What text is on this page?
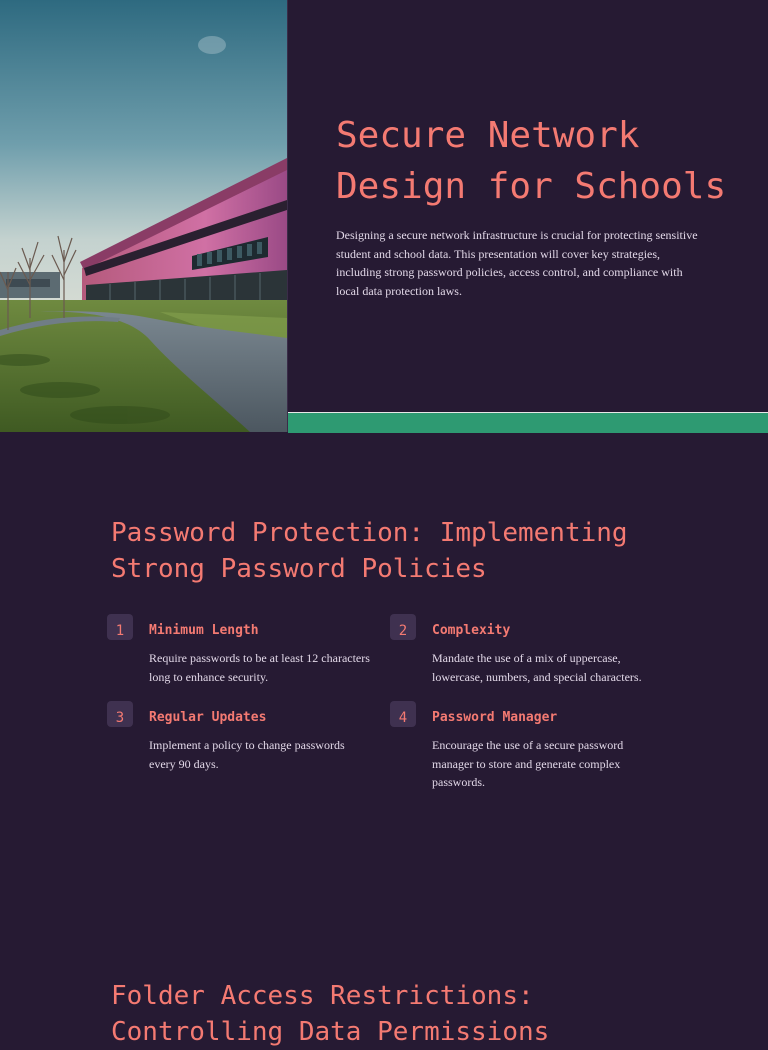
Secure Network Design for Schools

Designing a secure network infrastructure is crucial for protecting sensitive student and school data. This presentation will cover key strategies, including strong password policies, access control, and compliance with local data protection laws.

Password Protection: Implementing Strong Password Policies
1	Minimum Length

Require passwords to be at least 12 characters long to enhance security.

2	Complexity

Mandate the use of a mix of uppercase, lowercase, numbers, and special characters.

3	Regular Updates

Implement a policy to change passwords every 90 days.

4	Password Manager

Encourage the use of a secure password manager to store and generate complex passwords.

Folder Access Restrictions: Controlling Data Permissions
